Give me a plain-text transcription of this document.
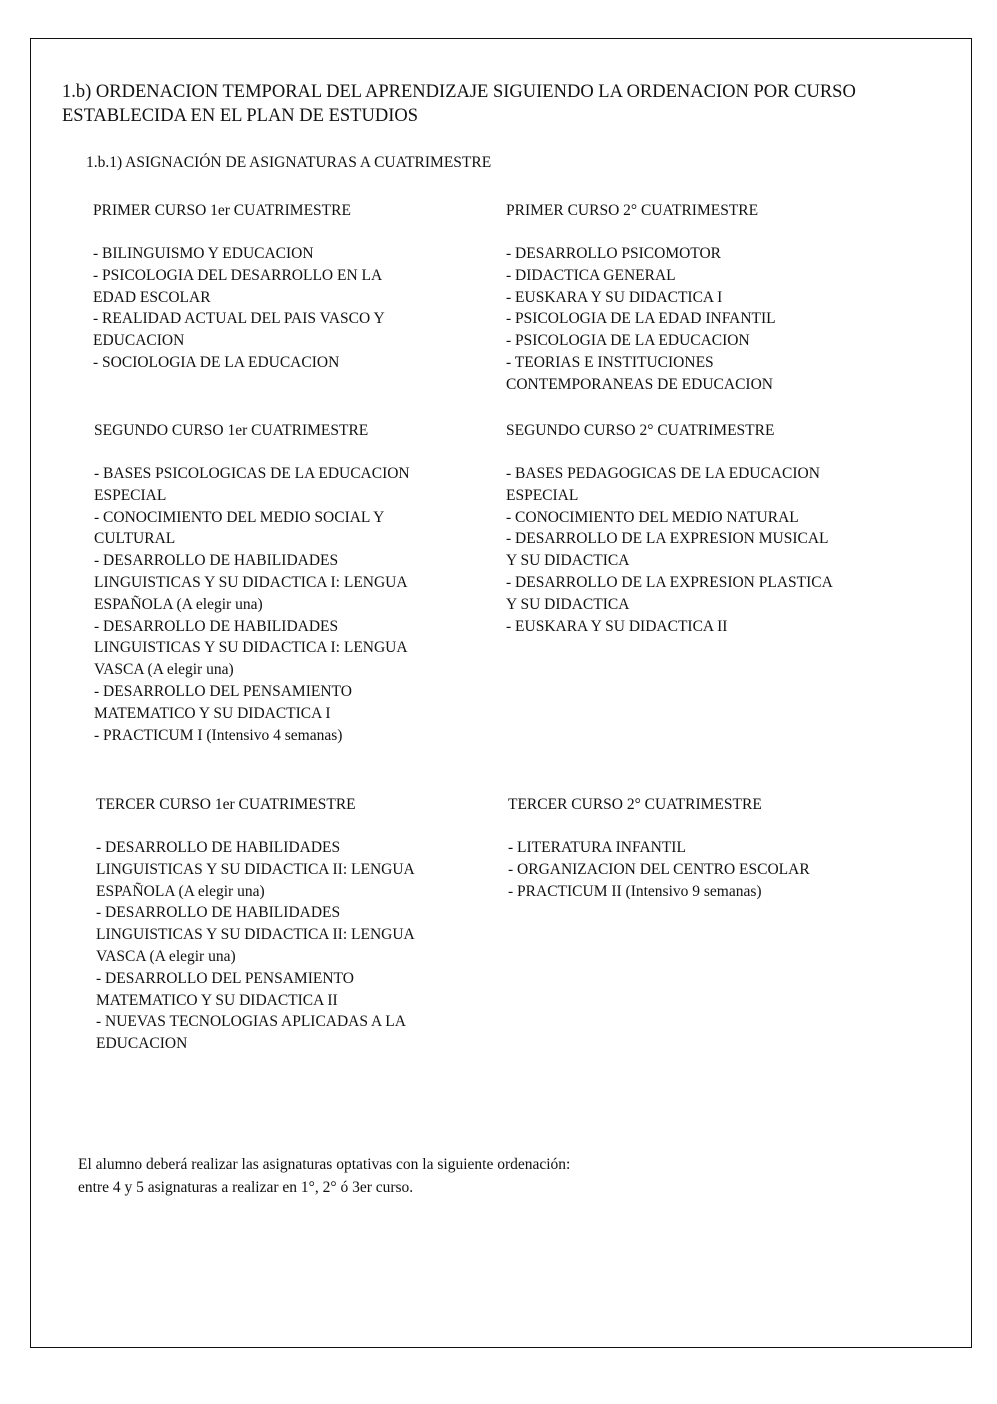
1.b) ORDENACION TEMPORAL DEL APRENDIZAJE SIGUIENDO LA ORDENACION POR CURSO
ESTABLECIDA EN EL PLAN DE ESTUDIOS

1.b.1) ASIGNACIÓN DE ASIGNATURAS A CUATRIMESTRE

PRIMER CURSO 1er CUATRIMESTRE

- BILINGUISMO Y EDUCACION
- PSICOLOGIA DEL DESARROLLO EN LA
EDAD ESCOLAR
- REALIDAD ACTUAL DEL PAIS VASCO Y
EDUCACION
- SOCIOLOGIA DE LA EDUCACION

PRIMER CURSO 2° CUATRIMESTRE

- DESARROLLO PSICOMOTOR
- DIDACTICA GENERAL
- EUSKARA Y SU DIDACTICA I
- PSICOLOGIA DE LA EDAD INFANTIL
- PSICOLOGIA DE LA EDUCACION
- TEORIAS E INSTITUCIONES
CONTEMPORANEAS DE EDUCACION

SEGUNDO CURSO 1er CUATRIMESTRE

- BASES PSICOLOGICAS DE LA EDUCACION
ESPECIAL
- CONOCIMIENTO DEL MEDIO SOCIAL Y
CULTURAL
- DESARROLLO DE HABILIDADES
LINGUISTICAS Y SU DIDACTICA I: LENGUA
ESPAÑOLA (A elegir una)
- DESARROLLO DE HABILIDADES
LINGUISTICAS Y SU DIDACTICA I: LENGUA
VASCA (A elegir una)
- DESARROLLO DEL PENSAMIENTO
MATEMATICO Y SU DIDACTICA I
- PRACTICUM I (Intensivo 4 semanas)

SEGUNDO CURSO 2° CUATRIMESTRE

- BASES PEDAGOGICAS DE LA EDUCACION
ESPECIAL
- CONOCIMIENTO DEL MEDIO NATURAL
- DESARROLLO DE LA EXPRESION MUSICAL
Y SU DIDACTICA
- DESARROLLO DE LA EXPRESION PLASTICA
Y SU DIDACTICA
- EUSKARA Y SU DIDACTICA II

TERCER CURSO 1er CUATRIMESTRE

- DESARROLLO DE HABILIDADES
LINGUISTICAS Y SU DIDACTICA II: LENGUA
ESPAÑOLA (A elegir una)
- DESARROLLO DE HABILIDADES
LINGUISTICAS Y SU DIDACTICA II: LENGUA
VASCA (A elegir una)
- DESARROLLO DEL PENSAMIENTO
MATEMATICO Y SU DIDACTICA II
- NUEVAS TECNOLOGIAS APLICADAS A LA
EDUCACION

TERCER CURSO 2° CUATRIMESTRE

- LITERATURA INFANTIL
- ORGANIZACION DEL CENTRO ESCOLAR
- PRACTICUM II (Intensivo 9 semanas)

El alumno deberá realizar las asignaturas optativas con la siguiente ordenación:
entre 4 y 5 asignaturas a realizar en 1°, 2° ó 3er curso.
